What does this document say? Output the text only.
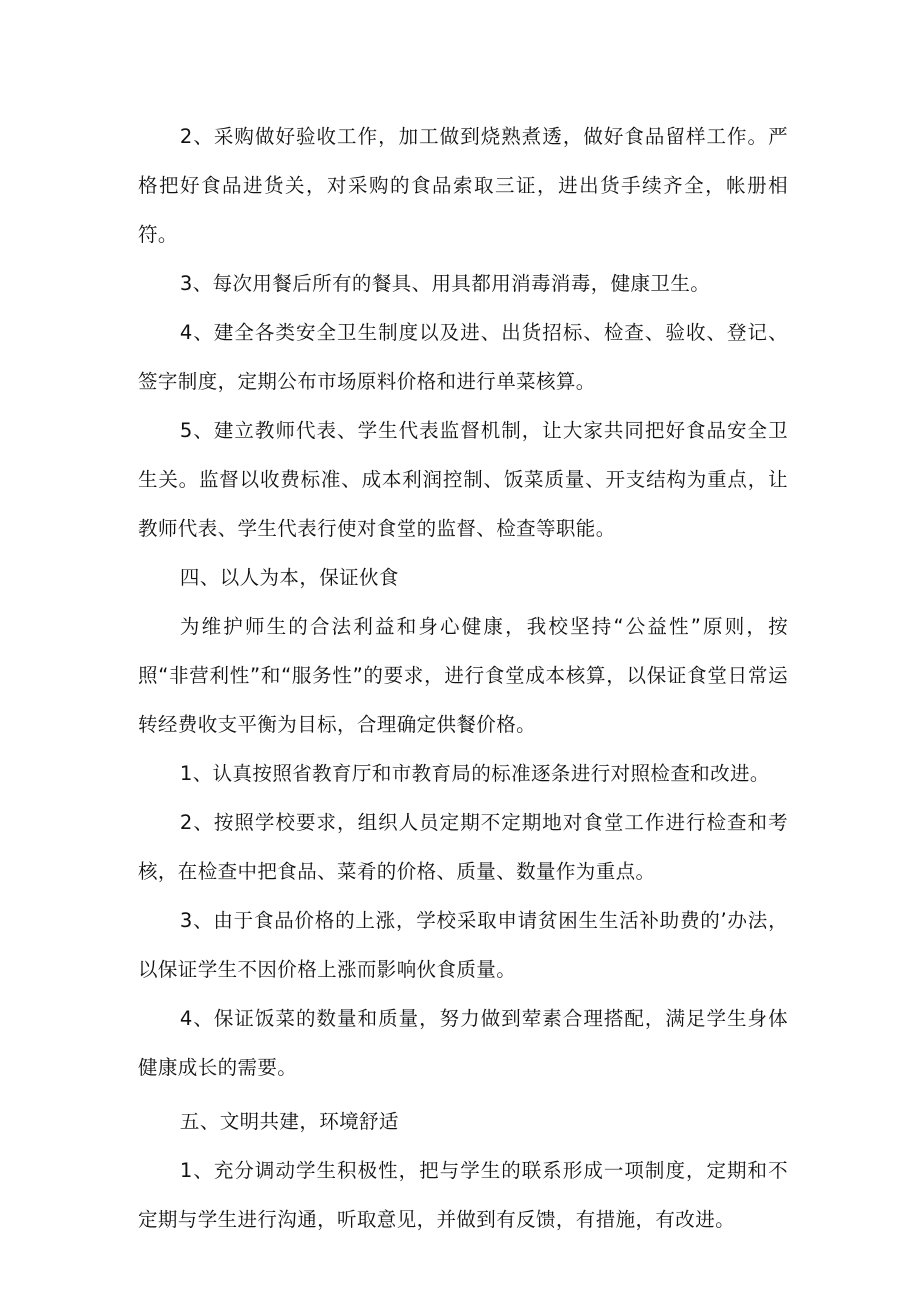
2、采购做好验收工作，加工做到烧熟煮透，做好食品留样工作。严格把好食品进货关，对采购的食品索取三证，进出货手续齐全，帐册相符。

3、每次用餐后所有的餐具、用具都用消毒消毒，健康卫生。

4、建全各类安全卫生制度以及进、出货招标、检查、验收、登记、签字制度，定期公布市场原料价格和进行单菜核算。

5、建立教师代表、学生代表监督机制，让大家共同把好食品安全卫生关。监督以收费标准、成本利润控制、饭菜质量、开支结构为重点，让教师代表、学生代表行使对食堂的监督、检查等职能。

四、以人为本，保证伙食

为维护师生的合法利益和身心健康，我校坚持“公益性”原则，按照“非营利性”和“服务性”的要求，进行食堂成本核算，以保证食堂日常运转经费收支平衡为目标，合理确定供餐价格。

1、认真按照省教育厅和市教育局的标准逐条进行对照检查和改进。

2、按照学校要求，组织人员定期不定期地对食堂工作进行检查和考核，在检查中把食品、菜肴的价格、质量、数量作为重点。

3、由于食品价格的上涨，学校采取申请贫困生生活补助费的’办法，以保证学生不因价格上涨而影响伙食质量。

4、保证饭菜的数量和质量，努力做到荤素合理搭配，满足学生身体健康成长的需要。

五、文明共建，环境舒适

1、充分调动学生积极性，把与学生的联系形成一项制度，定期和不定期与学生进行沟通，听取意见，并做到有反馈，有措施，有改进。
